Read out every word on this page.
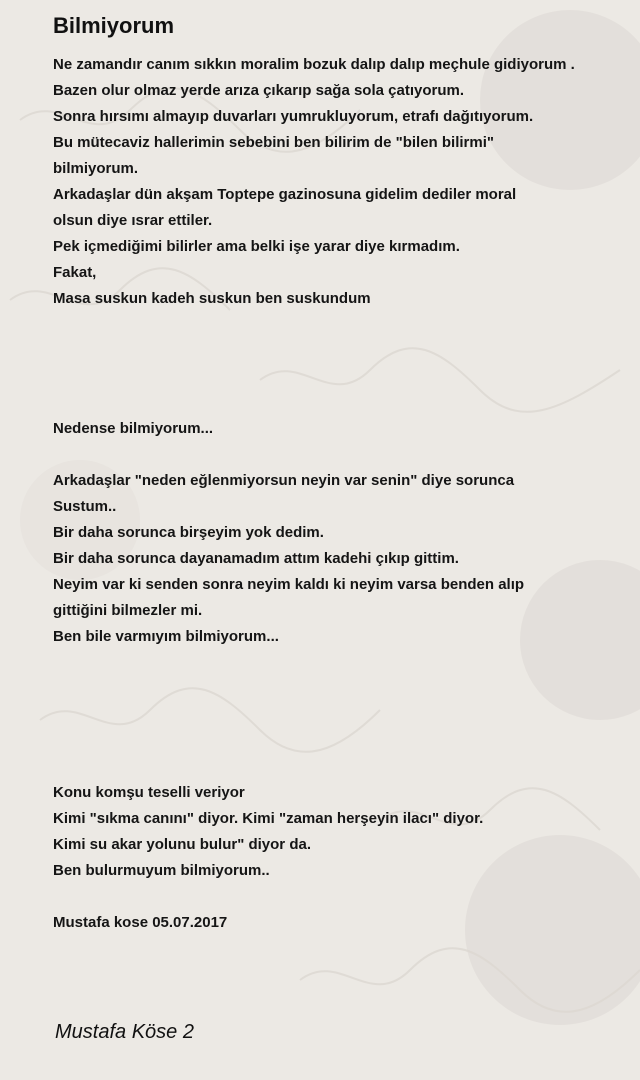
Bilmiyorum
Ne zamandır canım sıkkın moralim bozuk dalıp dalıp meçhule gidiyorum .
Bazen olur olmaz yerde arıza çıkarıp sağa sola çatıyorum.
Sonra hırsımı almayıp duvarları yumrukluyorum, etrafı dağıtıyorum.
Bu mütecaviz hallerimin sebebini ben bilirim de "bilen bilirmi"
bilmiyorum.
Arkadaşlar dün akşam Toptepe gazinosuna gidelim dediler moral
olsun diye ısrar ettiler.
Pek içmediğimi bilirler ama belki işe yarar diye kırmadım.
Fakat,
Masa suskun kadeh suskun ben suskundum
Nedense bilmiyorum...
Arkadaşlar "neden eğlenmiyorsun neyin var senin" diye sorunca
Sustum..
Bir daha sorunca birşeyim yok dedim.
Bir daha sorunca dayanamadım attım kadehi çıkıp gittim.
Neyim var ki senden sonra neyim kaldı ki neyim varsa benden alıp
gittiğini bilmezler mi.
Ben bile varmıyım bilmiyorum...
Konu komşu teselli veriyor
Kimi "sıkma canını" diyor. Kimi "zaman herşeyin ilacı" diyor.
Kimi su akar yolunu bulur" diyor da.
Ben bulurmuyum bilmiyorum..
Mustafa kose 05.07.2017
Mustafa Köse 2
